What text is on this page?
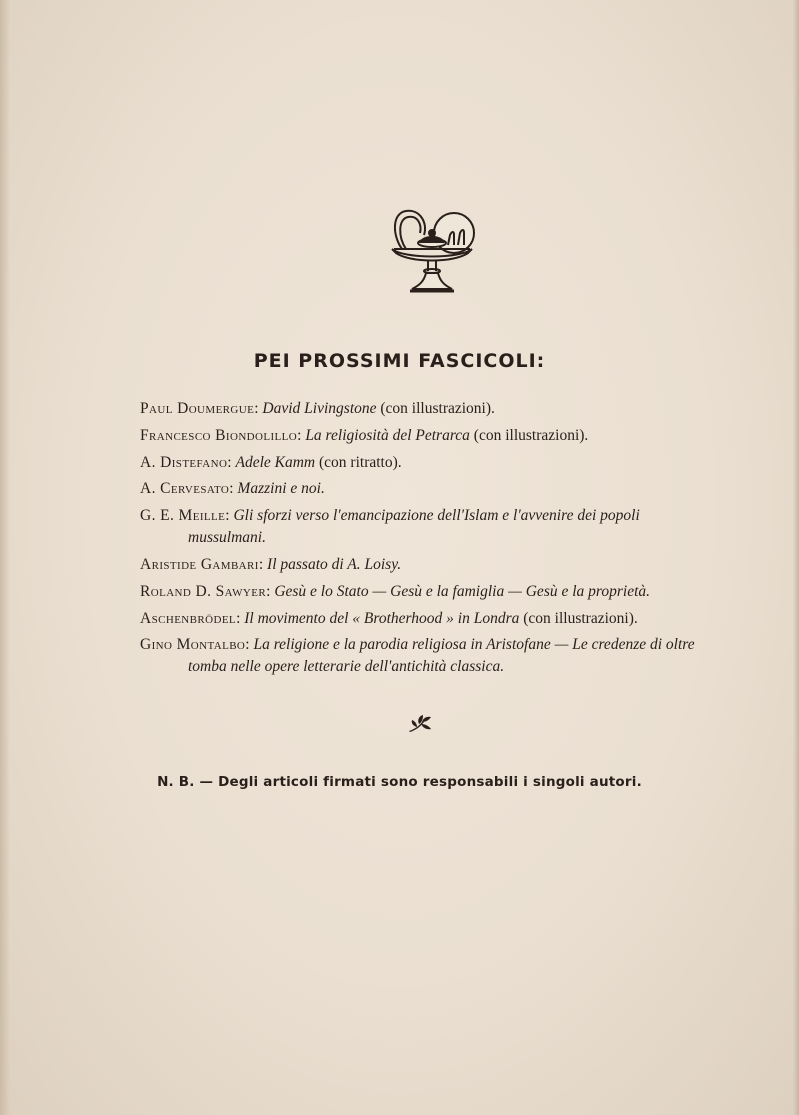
PEI PROSSIMI FASCICOLI:
Paul Doumergue: David Livingstone (con illustrazioni).
Francesco Biondolillo: La religiosità del Petrarca (con illustrazioni).
A. Distefano: Adele Kamm (con ritratto).
A. Cervesato: Mazzini e noi.
G. E. Meille: Gli sforzi verso l'emancipazione dell'Islam e l'avvenire dei popoli mussulmani.
Aristide Gambari: Il passato di A. Loisy.
Roland D. Sawyer: Gesù e lo Stato — Gesù e la famiglia — Gesù e la proprietà.
Aschenbrödel: Il movimento del « Brotherhood » in Londra (con illustrazioni).
Gino Montalbo: La religione e la parodia religiosa in Aristofane — Le credenze di oltre tomba nelle opere letterarie dell'antichità classica.
N. B. — Degli articoli firmati sono responsabili i singoli autori.
